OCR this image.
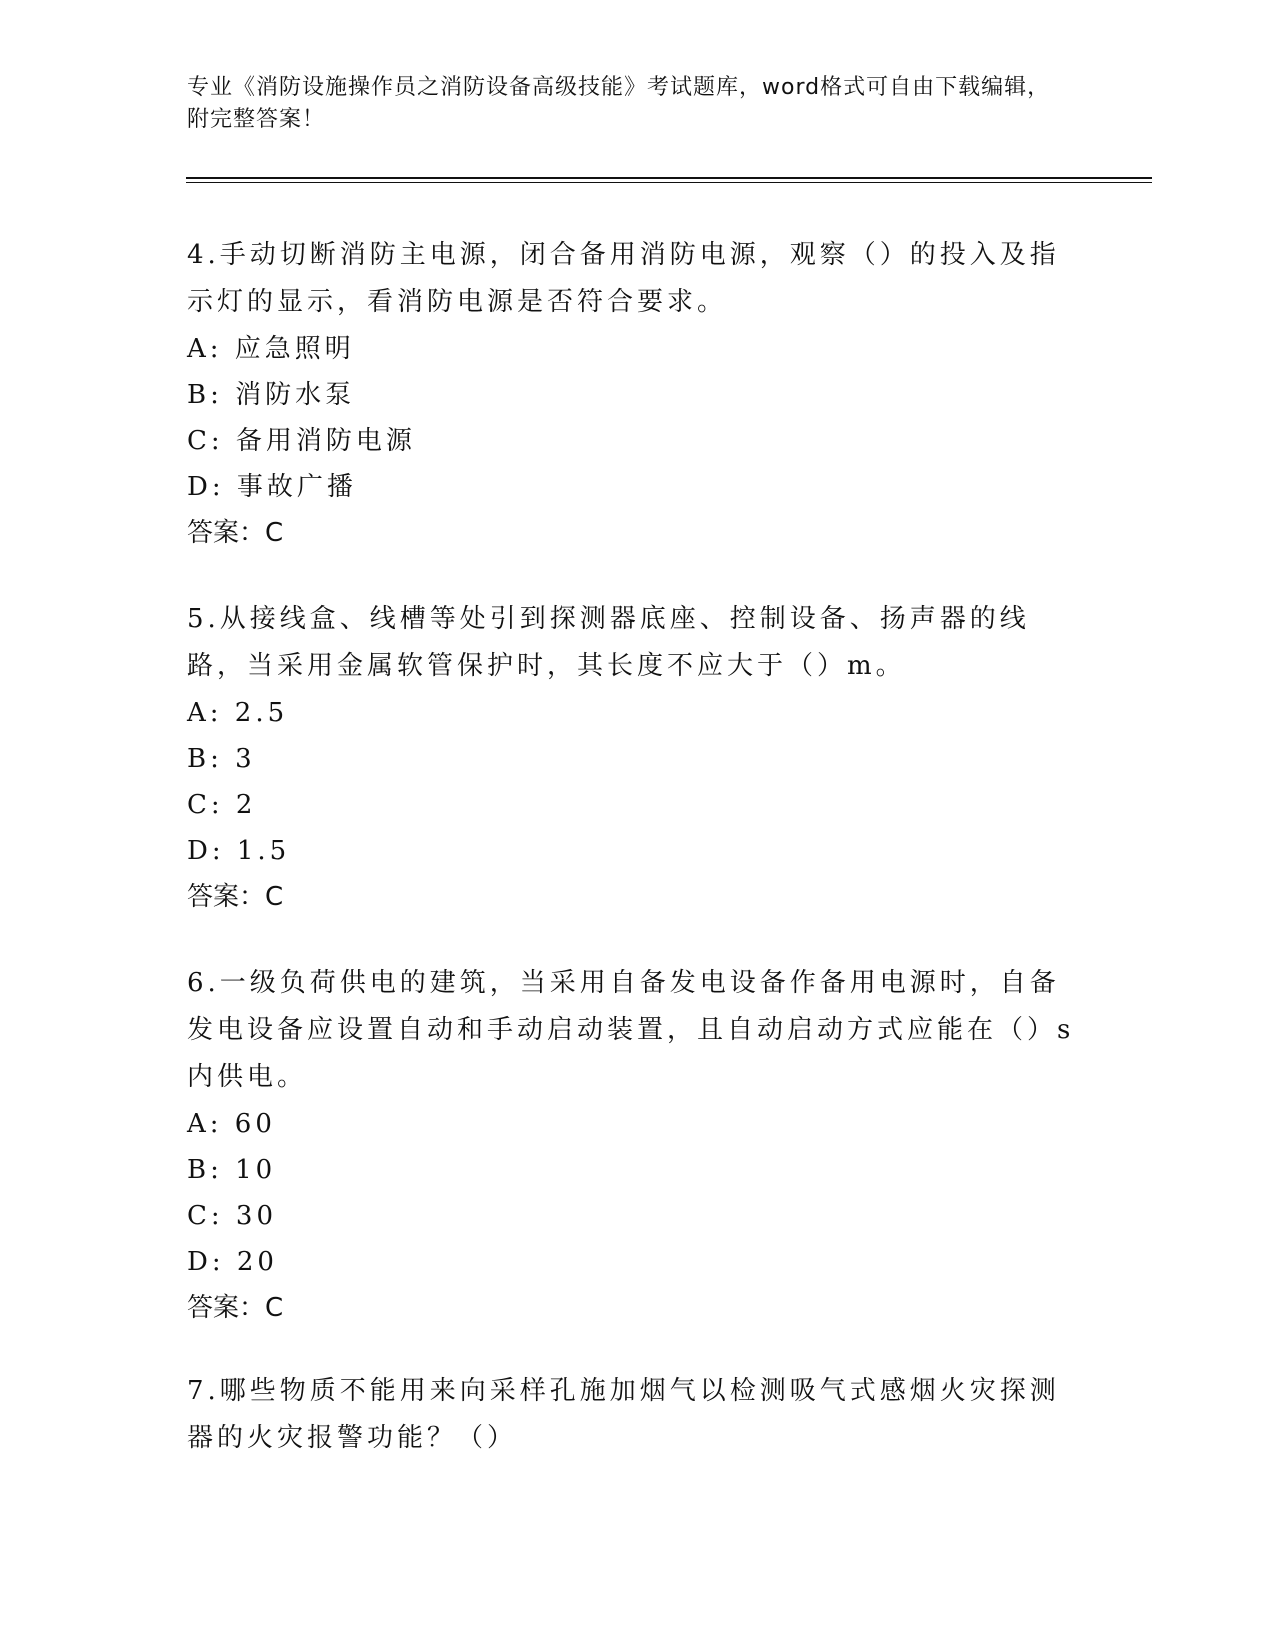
专业《消防设施操作员之消防设备高级技能》考试题库，word格式可自由下载编辑，附完整答案！

4.手动切断消防主电源，闭合备用消防电源，观察（）的投入及指示灯的显示，看消防电源是否符合要求。

A: 应急照明

B: 消防水泵

C: 备用消防电源

D: 事故广播

答案：C

5.从接线盒、线槽等处引到探测器底座、控制设备、扬声器的线路，当采用金属软管保护时，其长度不应大于（）m。

A: 2.5

B: 3

C: 2

D: 1.5

答案：C

6.一级负荷供电的建筑，当采用自备发电设备作备用电源时，自备发电设备应设置自动和手动启动装置，且自动启动方式应能在（）s内供电。

A: 60

B: 10

C: 30

D: 20

答案：C

7.哪些物质不能用来向采样孔施加烟气以检测吸气式感烟火灾探测器的火灾报警功能？（）
